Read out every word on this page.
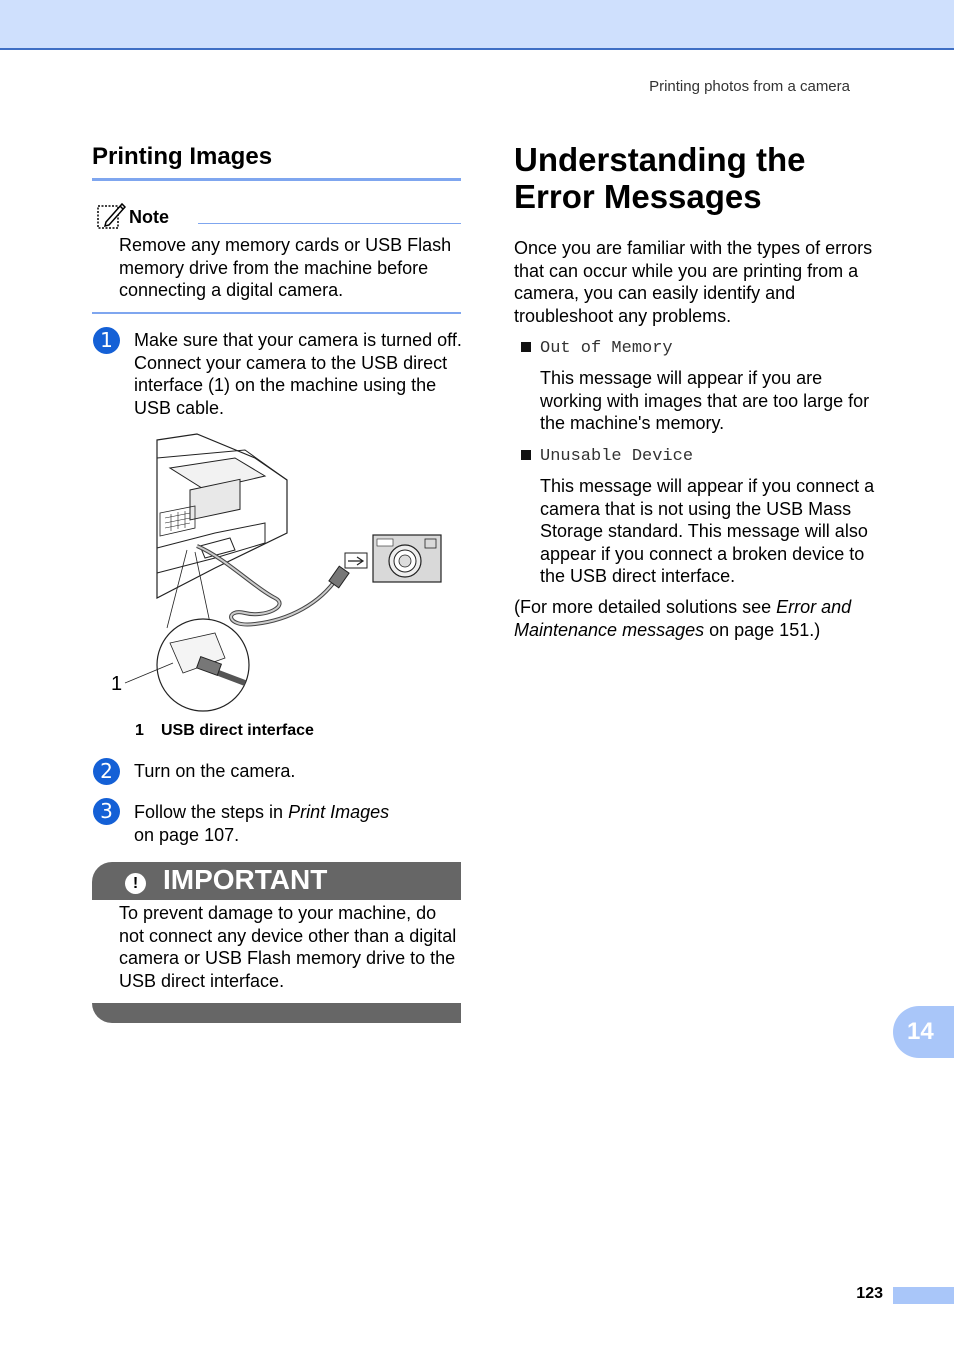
Printing photos from a camera
Printing Images
Note
Remove any memory cards or USB Flash memory drive from the machine before connecting a digital camera.
1	Make sure that your camera is turned off. Connect your camera to the USB direct interface (1) on the machine using the USB cable.
1
1 USB direct interface
2	Turn on the camera.
3	Follow the steps in Print Images
on page 107.
! IMPORTANT
To prevent damage to your machine, do not connect any device other than a digital camera or USB Flash memory drive to the USB direct interface.
Understanding the Error Messages
Once you are familiar with the types of errors that can occur while you are printing from a camera, you can easily identify and troubleshoot any problems.
Out of Memory
This message will appear if you are working with images that are too large for the machine's memory.
Unusable Device
This message will appear if you connect a camera that is not using the USB Mass Storage standard. This message will also appear if you connect a broken device to the USB direct interface.
(For more detailed solutions see Error and Maintenance messages on page 151.)
14
123
